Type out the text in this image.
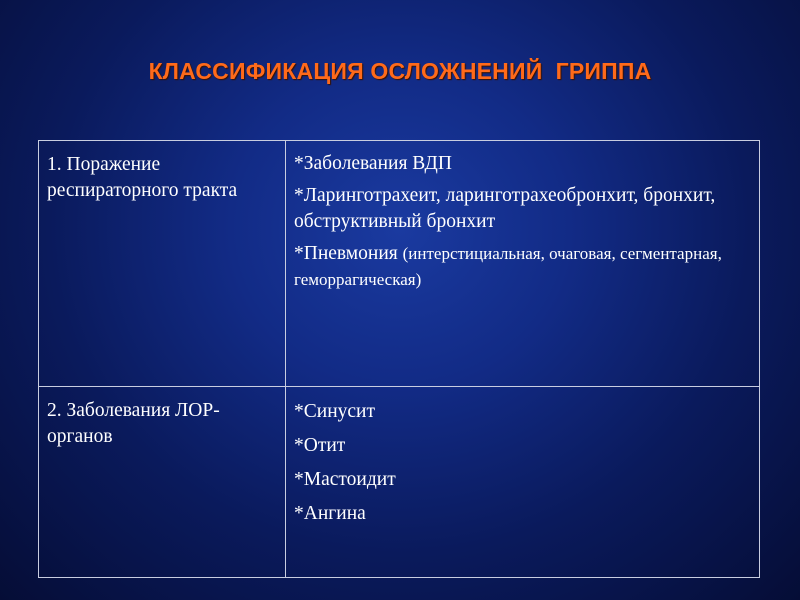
КЛАССИФИКАЦИЯ ОСЛОЖНЕНИЙ  ГРИППА
1. Поражение респираторного тракта	*Заболевания ВДП
*Ларинготрахеит, ларинготрахеобронхит, бронхит, обструктивный бронхит
*Пневмония (интерстициальная, очаговая, сегментарная, геморрагическая)

2. Заболевания ЛОР-органов	*Синусит
*Отит
*Мастоидит
*Ангина
